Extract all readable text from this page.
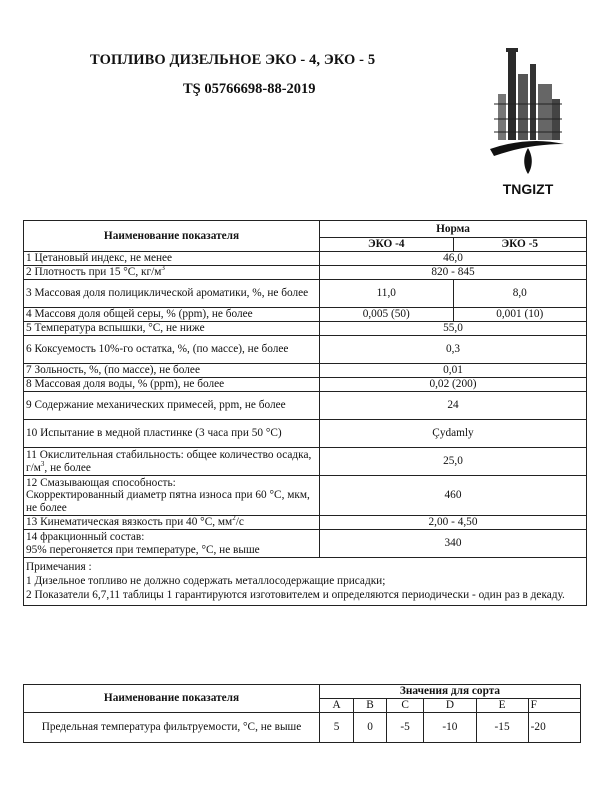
ТОПЛИВО ДИЗЕЛЬНОЕ ЭКО - 4, ЭКО - 5
TŞ 05766698-88-2019
TNGIZT
Наименование показателя	Норма	
	ЭКО -4	ЭКО -5
1 Цетановый индекс, не менее	46,0	
2 Плотность при 15 °С, $кг/м^3$	820 - 845	
3 Массовая доля полициклической ароматики, %, не более	11,0	8,0
4 Массовя доля общей серы, % (ppm), не более	0,005 (50)	0,001 (10)
5 Температура вспышки, °С, не ниже	55,0	
6 Коксуемость 10%-го остатка, %, (по массе), не более	0,3	
7 Зольность, %, (по массе), не более	0,01	
8 Массовая доля воды, % (ppm), не более	0,02 (200)	
9 Содержание механических примесей, ppm, не более	24	
10 Испытание в медной пластинке (3 часа при 50 °С)	Çydamly	
11 Окислительная стабильность: общее количество осадка, $г/м^3$, не более	25,0	
12 Смазывающая способность:
Скорректированный диаметр пятна износа при 60 °С, мкм, не более	460	
13 Кинематическая вязкость при 40 °С, $мм^2/с$	2,00 - 4,50	
14 фракционный состав:
95% перегоняется при температуре, °С, не выше	340	

Примечания :
1 Дизельное топливо не должно содержать металлосодержащие присадки;
2 Показатели 6,7,11 таблицы 1 гарантируются изготовителем и определяются периодически - один раз в декаду.		
Наименование показателя	Значения для сорта					
	A	B	C	D	E	F
Предельная температура фильтруемости, °С, не выше	5	0	-5	-10	-15	-20
